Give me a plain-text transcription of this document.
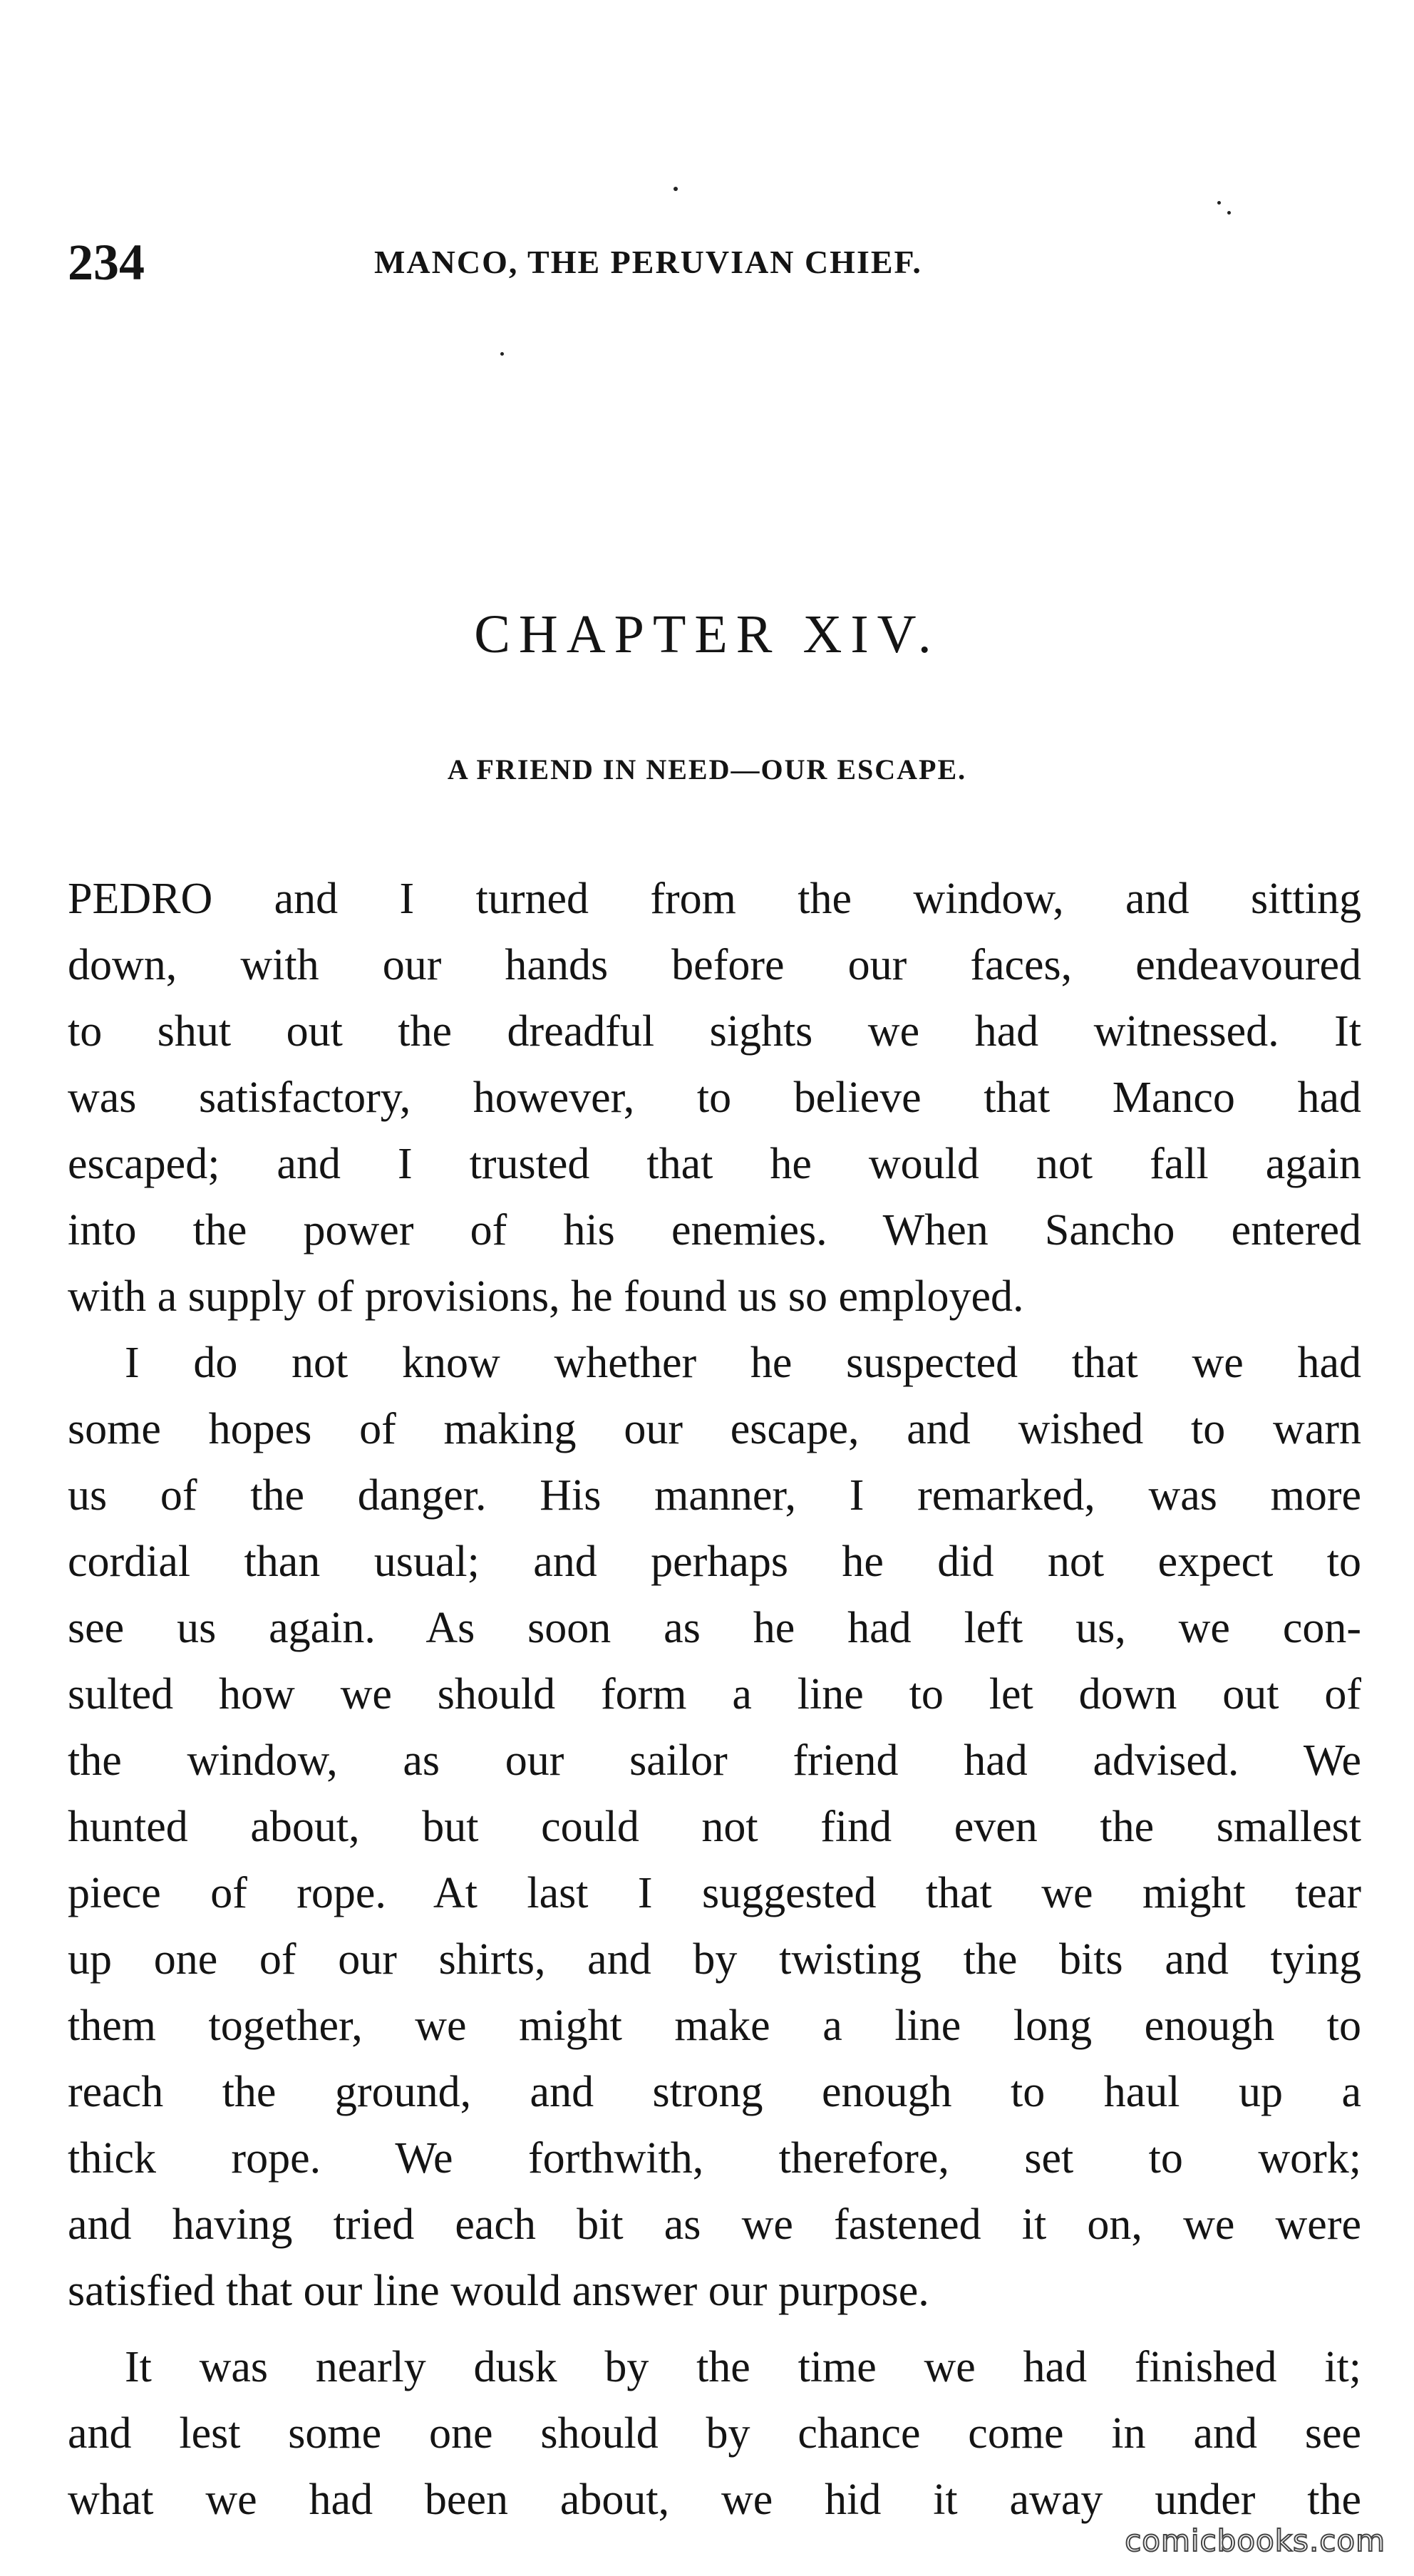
234	MANCO, THE PERUVIAN CHIEF.
CHAPTER XIV.
A FRIEND IN NEED—OUR ESCAPE.
PEDRO and I turned from the window, and sitting
down, with our hands before our faces, endeavoured
to shut out the dreadful sights we had witnessed. It
was satisfactory, however, to believe that Manco had
escaped; and I trusted that he would not fall again
into the power of his enemies. When Sancho entered
with a supply of provisions, he found us so employed.
I do not know whether he suspected that we had
some hopes of making our escape, and wished to warn
us of the danger. His manner, I remarked, was more
cordial than usual; and perhaps he did not expect to
see us again. As soon as he had left us, we con-
sulted how we should form a line to let down out of
the window, as our sailor friend had advised. We
hunted about, but could not find even the smallest
piece of rope. At last I suggested that we might tear
up one of our shirts, and by twisting the bits and tying
them together, we might make a line long enough to
reach the ground, and strong enough to haul up a
thick rope. We forthwith, therefore, set to work;
and having tried each bit as we fastened it on, we were
satisfied that our line would answer our purpose.
It was nearly dusk by the time we had finished it;
and lest some one should by chance come in and see
what we had been about, we hid it away under the
comicbooks.com
